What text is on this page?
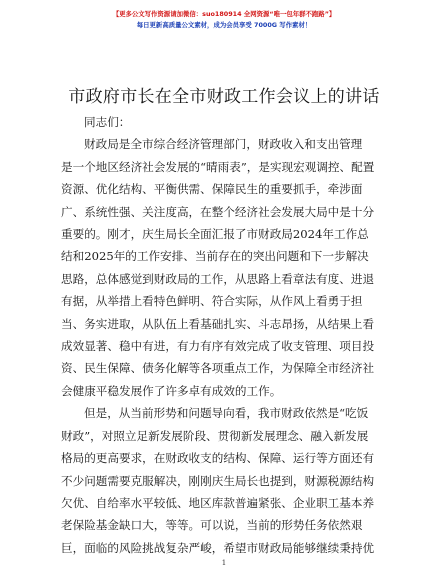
【更多公文写作资源请加微信：suo180914 全网资源“唯一包年群不跑路”】
每日更新高质量公文素材，成为会员享受 7000G 写作素材！
市政府市长在全市财政工作会议上的讲话

同志们：

财政局是全市综合经济管理部门，财政收入和支出管理

是一个地区经济社会发展的“晴雨表”，是实现宏观调控、配置

资源、优化结构、平衡供需、保障民生的重要抓手，牵涉面

广、系统性强、关注度高，在整个经济社会发展大局中是十分

重要的。刚才，庆生局长全面汇报了市财政局2024年工作总

结和2025年的工作安排、当前存在的突出问题和下一步解决

思路，总体感觉到财政局的工作，从思路上看章法有度、进退

有据，从举措上看特色鲜明、符合实际，从作风上看勇于担

当、务实进取，从队伍上看基础扎实、斗志昂扬，从结果上看

成效显著、稳中有进，有力有序有效完成了收支管理、项目投

资、民生保障、债务化解等各项重点工作，为保障全市经济社

会健康平稳发展作了许多卓有成效的工作。

但是，从当前形势和问题导向看，我市财政依然是“吃饭

财政”，对照立足新发展阶段、贯彻新发展理念、融入新发展

格局的更高要求，在财政收支的结构、保障、运行等方面还有

不少问题需要克服解决，刚刚庆生局长也提到，财源税源结构

欠优、自给率水平较低、地区库款普遍紧张、企业职工基本养

老保险基金缺口大，等等。可以说，当前的形势任务依然艰

巨，面临的风险挑战复杂严峻，希望市财政局能够继续秉持优

1
